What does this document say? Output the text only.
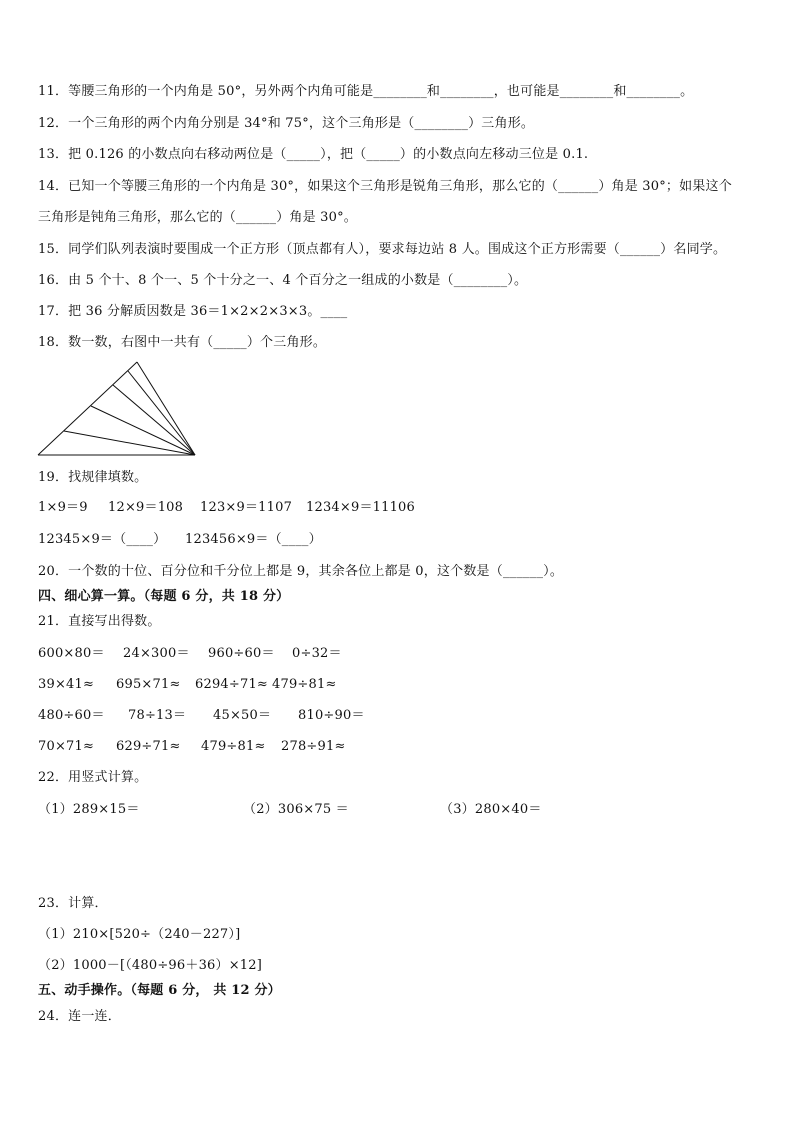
11．等腰三角形的一个内角是 50°，另外两个内角可能是________和________，也可能是________和________。
12．一个三角形的两个内角分别是 34°和 75°，这个三角形是（________）三角形。
13．把 0.126 的小数点向右移动两位是（_____），把（_____）的小数点向左移动三位是 0.1.
14．已知一个等腰三角形的一个内角是 30°，如果这个三角形是锐角三角形，那么它的（______）角是 30°；如果这个
三角形是钝角三角形，那么它的（______）角是 30°。
15．同学们队列表演时要围成一个正方形（顶点都有人），要求每边站 8 人。围成这个正方形需要（______）名同学。
16．由 5 个十、8 个一、5 个十分之一、4 个百分之一组成的小数是（________）。
17．把 36 分解质因数是 36＝1×2×2×3×3。____
18．数一数，右图中一共有（_____）个三角形。
19．找规律填数。
1×9＝9 12×9＝108 123×9＝1107 1234×9＝11106
12345×9＝（____） 123456×9＝（____）
20．一个数的十位、百分位和千分位上都是 9，其余各位上都是 0，这个数是（______）。
四、细心算一算。（每题 6 分，共 18 分）
21．直接写出得数。
600×80＝ 24×300＝ 960÷60＝ 0÷32＝
39×41≈ 695×71≈ 6294÷71≈ 479÷81≈
480÷60＝ 78÷13＝ 45×50＝ 810÷90＝
70×71≈ 629÷71≈ 479÷81≈ 278÷91≈
22．用竖式计算。
（1）289×15＝	（2）306×75 ＝	（3）280×40＝
23．计算．
（1）210×[520÷（240－227）]
（2）1000－[（480÷96＋36）×12]
五、动手操作。（每题 6 分， 共 12 分）
24．连一连．
